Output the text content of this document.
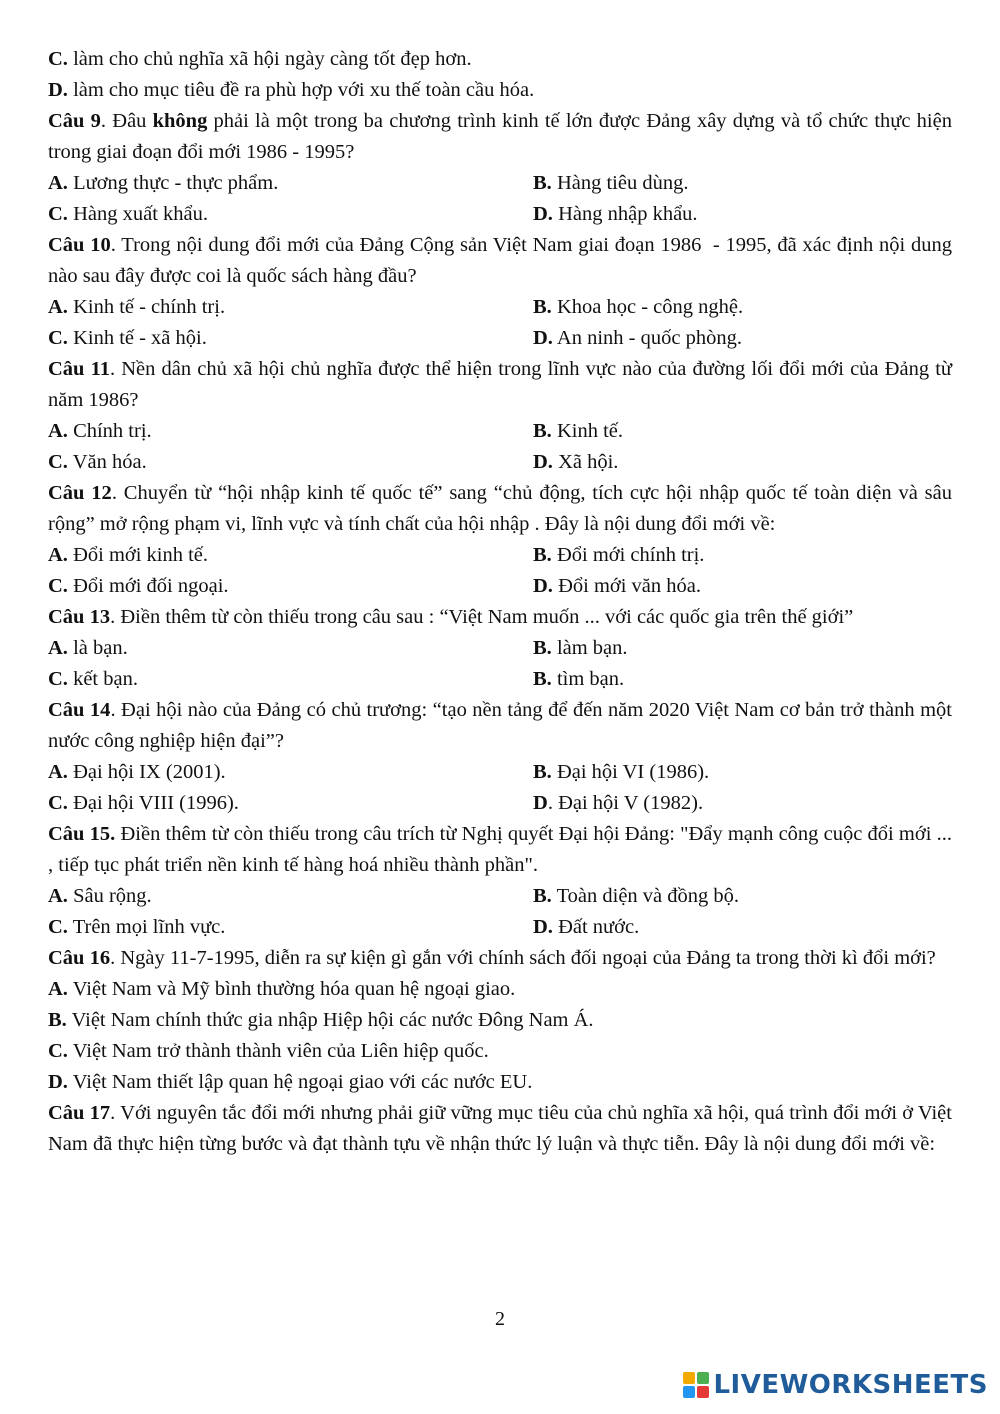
C. làm cho chủ nghĩa xã hội ngày càng tốt đẹp hơn.
D. làm cho mục tiêu đề ra phù hợp với xu thế toàn cầu hóa.

Câu 9. Đâu không phải là một trong ba chương trình kinh tế lớn được Đảng xây dựng và tổ chức thực hiện trong giai đoạn đổi mới 1986 - 1995?

A. Lương thực - thực phẩm.	B. Hàng tiêu dùng.
C. Hàng xuất khẩu.	D. Hàng nhập khẩu.

Câu 10. Trong nội dung đổi mới của Đảng Cộng sản Việt Nam giai đoạn 1986  - 1995, đã xác định nội dung nào sau đây được coi là quốc sách hàng đầu?

A. Kinh tế - chính trị.	B. Khoa học - công nghệ.
C. Kinh tế - xã hội.	D. An ninh - quốc phòng.

Câu 11. Nền dân chủ xã hội chủ nghĩa được thể hiện trong lĩnh vực nào của đường lối đổi mới của Đảng từ năm 1986?

A. Chính trị.	B. Kinh tế.
C. Văn hóa.	D. Xã hội.

Câu 12. Chuyển từ “hội nhập kinh tế quốc tế” sang “chủ động, tích cực hội nhập quốc tế toàn diện và sâu rộng” mở rộng phạm vi, lĩnh vực và tính chất của hội nhập . Đây là nội dung đổi mới về:

A. Đổi mới kinh tế.	B. Đổi mới chính trị.
C. Đổi mới đối ngoại.	D. Đổi mới văn hóa.

Câu 13. Điền thêm từ còn thiếu trong câu sau : “Việt Nam muốn ... với các quốc gia trên thế giới”

A. là bạn.	B. làm bạn.
C. kết bạn.	B. tìm bạn.

Câu 14. Đại hội nào của Đảng có chủ trương: “tạo nền tảng để đến năm 2020 Việt Nam cơ bản trở thành một nước công nghiệp hiện đại”?

A. Đại hội IX (2001).	B. Đại hội VI (1986).
C. Đại hội VIII (1996).	D. Đại hội V (1982).

Câu 15. Điền thêm từ còn thiếu trong câu trích từ Nghị quyết Đại hội Đảng: "Đẩy mạnh công cuộc đổi mới ... , tiếp tục phát triển nền kinh tế hàng hoá nhiều thành phần".

A. Sâu rộng.	B. Toàn diện và đồng bộ.
C. Trên mọi lĩnh vực.	D. Đất nước.

Câu 16. Ngày 11-7-1995, diễn ra sự kiện gì gắn với chính sách đối ngoại của Đảng ta trong thời kì đổi mới?

A. Việt Nam và Mỹ bình thường hóa quan hệ ngoại giao.
B. Việt Nam chính thức gia nhập Hiệp hội các nước Đông Nam Á.
C. Việt Nam trở thành thành viên của Liên hiệp quốc.
D. Việt Nam thiết lập quan hệ ngoại giao với các nước EU.

Câu 17. Với nguyên tắc đổi mới nhưng phải giữ vững mục tiêu của chủ nghĩa xã hội, quá trình đổi mới ở Việt Nam đã thực hiện từng bước và đạt thành tựu về nhận thức lý luận và thực tiễn. Đây là nội dung đổi mới về:

2
LIVEWORKSHEETS
